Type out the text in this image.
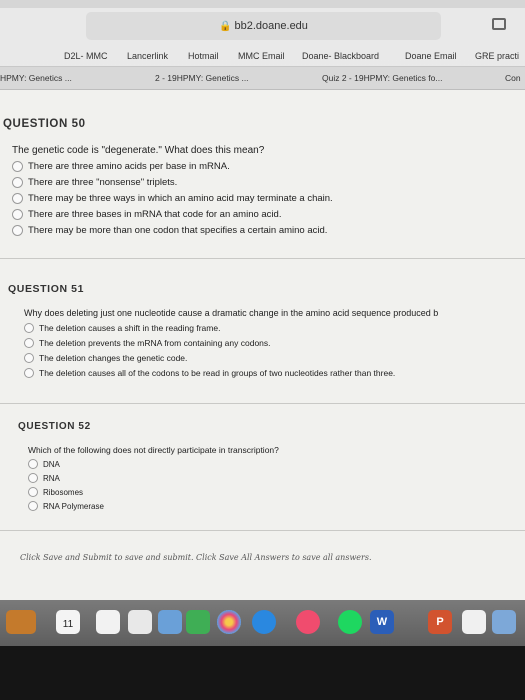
🔒 bb2.doane.edu
D2L- MMC Lancerlink Hotmail MMC Email Doane- Blackboard	Doane Email GRE practi
HPMY: Genetics ...	2 - 19HPMY: Genetics ...	Quiz 2 - 19HPMY: Genetics fo...	Con
QUESTION 50
The genetic code is "degenerate." What does this mean?
There are three amino acids per base in mRNA.
There are three "nonsense" triplets.
There may be three ways in which an amino acid may terminate a chain.
There are three bases in mRNA that code for an amino acid.
There may be more than one codon that specifies a certain amino acid.
QUESTION 51
Why does deleting just one nucleotide cause a dramatic change in the amino acid sequence produced b
The deletion causes a shift in the reading frame.
The deletion prevents the mRNA from containing any codons.
The deletion changes the genetic code.
The deletion causes all of the codons to be read in groups of two nucleotides rather than three.
QUESTION 52
Which of the following does not directly participate in transcription?
DNA
RNA
Ribosomes
RNA Polymerase
Click Save and Submit to save and submit. Click Save All Answers to save all answers.
11	W	P
